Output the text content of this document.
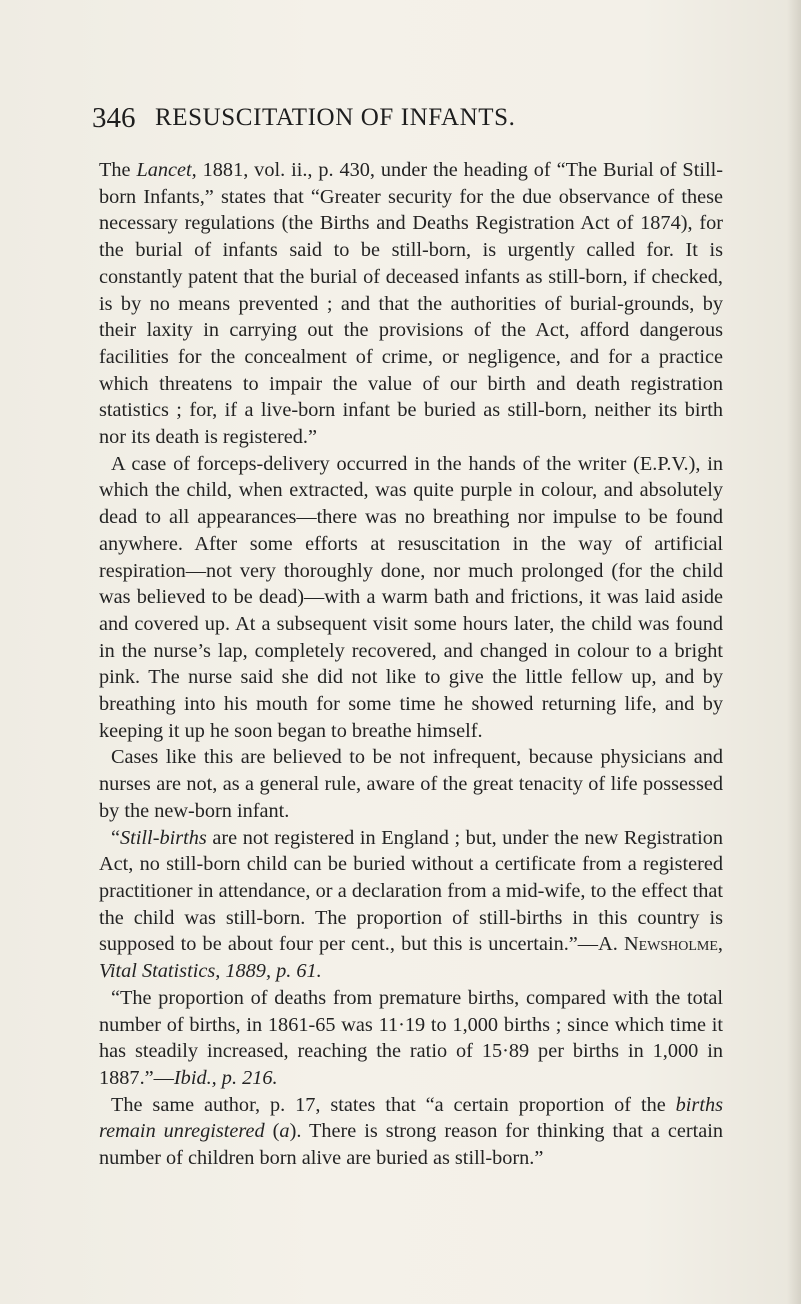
346 RESUSCITATION OF INFANTS.

The Lancet, 1881, vol. ii., p. 430, under the heading of “The Burial of Still-born Infants,” states that “Greater security for the due observance of these necessary regulations (the Births and Deaths Registration Act of 1874), for the burial of infants said to be still-born, is urgently called for. It is constantly patent that the burial of deceased infants as still-born, if checked, is by no means prevented ; and that the authorities of burial-grounds, by their laxity in carrying out the provisions of the Act, afford dangerous facilities for the concealment of crime, or negligence, and for a practice which threatens to impair the value of our birth and death registration statistics ; for, if a live-born infant be buried as still-born, neither its birth nor its death is registered.”

A case of forceps-delivery occurred in the hands of the writer (E.P.V.), in which the child, when extracted, was quite purple in colour, and absolutely dead to all appearances—there was no breathing nor impulse to be found anywhere. After some efforts at resuscitation in the way of artificial respiration—not very thoroughly done, nor much prolonged (for the child was believed to be dead)—with a warm bath and frictions, it was laid aside and covered up. At a subsequent visit some hours later, the child was found in the nurse’s lap, completely recovered, and changed in colour to a bright pink. The nurse said she did not like to give the little fellow up, and by breathing into his mouth for some time he showed returning life, and by keeping it up he soon began to breathe himself.

Cases like this are believed to be not infrequent, because physicians and nurses are not, as a general rule, aware of the great tenacity of life possessed by the new-born infant.

“Still-births are not registered in England ; but, under the new Registration Act, no still-born child can be buried without a certificate from a registered practitioner in attendance, or a declaration from a mid-wife, to the effect that the child was still-born. The proportion of still-births in this country is supposed to be about four per cent., but this is uncertain.”—A. Newsholme, Vital Statistics, 1889, p. 61.

“The proportion of deaths from premature births, compared with the total number of births, in 1861-65 was 11·19 to 1,000 births ; since which time it has steadily increased, reaching the ratio of 15·89 per births in 1,000 in 1887.”—Ibid., p. 216.

The same author, p. 17, states that “a certain proportion of the births remain unregistered (a). There is strong reason for thinking that a certain number of children born alive are buried as still-born.”
